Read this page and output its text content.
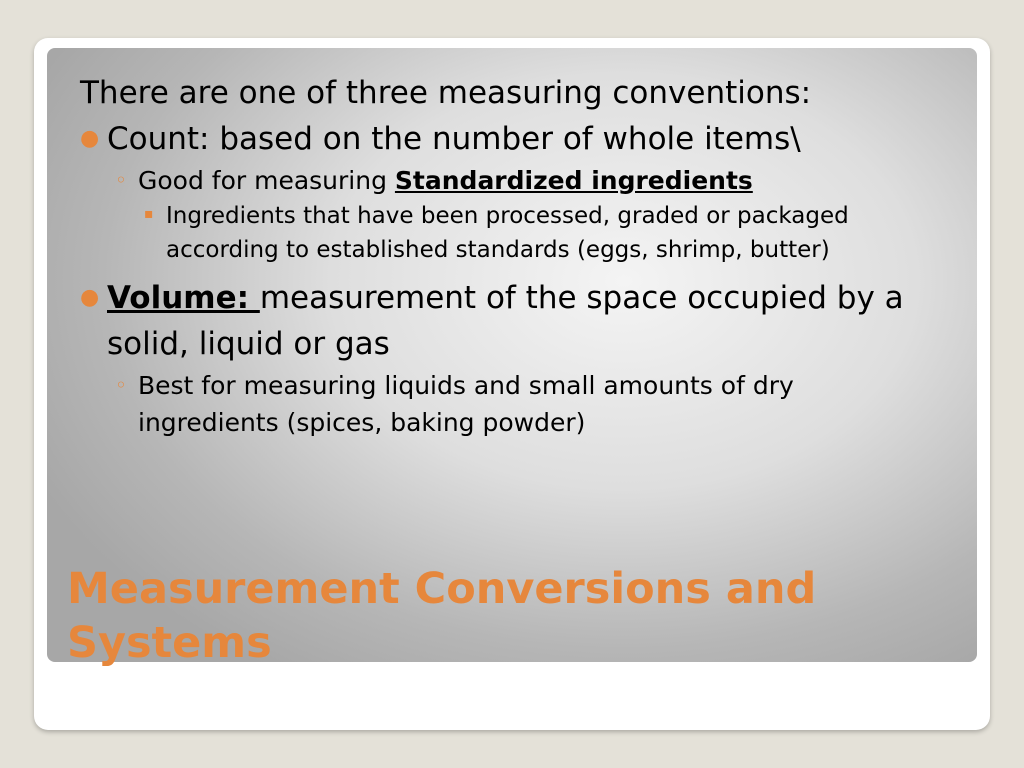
There are one of three measuring conventions:

● Count: based on the number of whole items\
◦ Good for measuring Standardized ingredients
▪ Ingredients that have been processed, graded or packaged according to established standards (eggs, shrimp, butter)
● Volume: measurement of the space occupied by a solid, liquid or gas
◦ Best for measuring liquids and small amounts of dry ingredients (spices, baking powder)
Measurement Conversions and Systems
